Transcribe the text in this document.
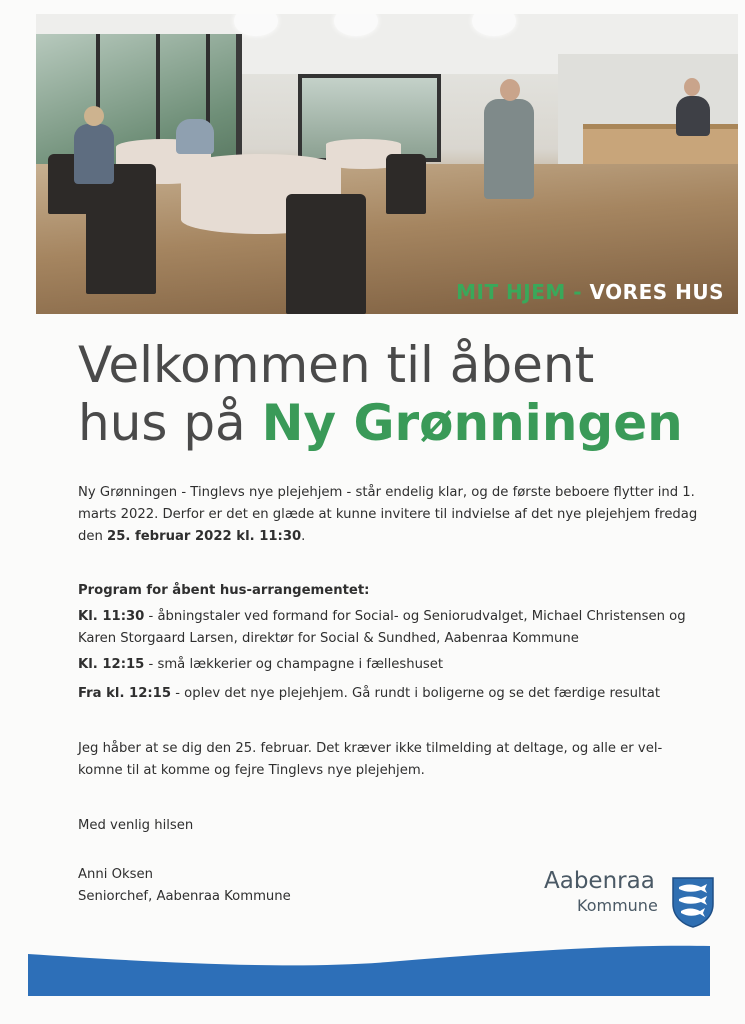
MIT HJEM - VORES HUS
Velkommen til åbent
hus på Ny Grønningen

Ny Grønningen - Tinglevs nye plejehjem - står endelig klar, og de første beboere flytter ind 1. marts 2022. Derfor er det en glæde at kunne invitere til indvielse af det nye plejehjem fredag den 25. februar 2022 kl. 11:30.

Program for åbent hus-arrangementet:

Kl. 11:30 - åbningstaler ved formand for Social- og Seniorudvalget, Michael Christensen og Karen Storgaard Larsen, direktør for Social & Sundhed, Aabenraa Kommune

Kl. 12:15 - små lækkerier og champagne i fælleshuset

Fra kl. 12:15 - oplev det nye plejehjem. Gå rundt i boligerne og se det færdige resultat

Jeg håber at se dig den 25. februar. Det kræver ikke tilmelding at deltage, og alle er vel-komne til at komme og fejre Tinglevs nye plejehjem.

Med venlig hilsen

Anni Oksen

Seniorchef, Aabenraa Kommune

Aabenraa
Kommune
